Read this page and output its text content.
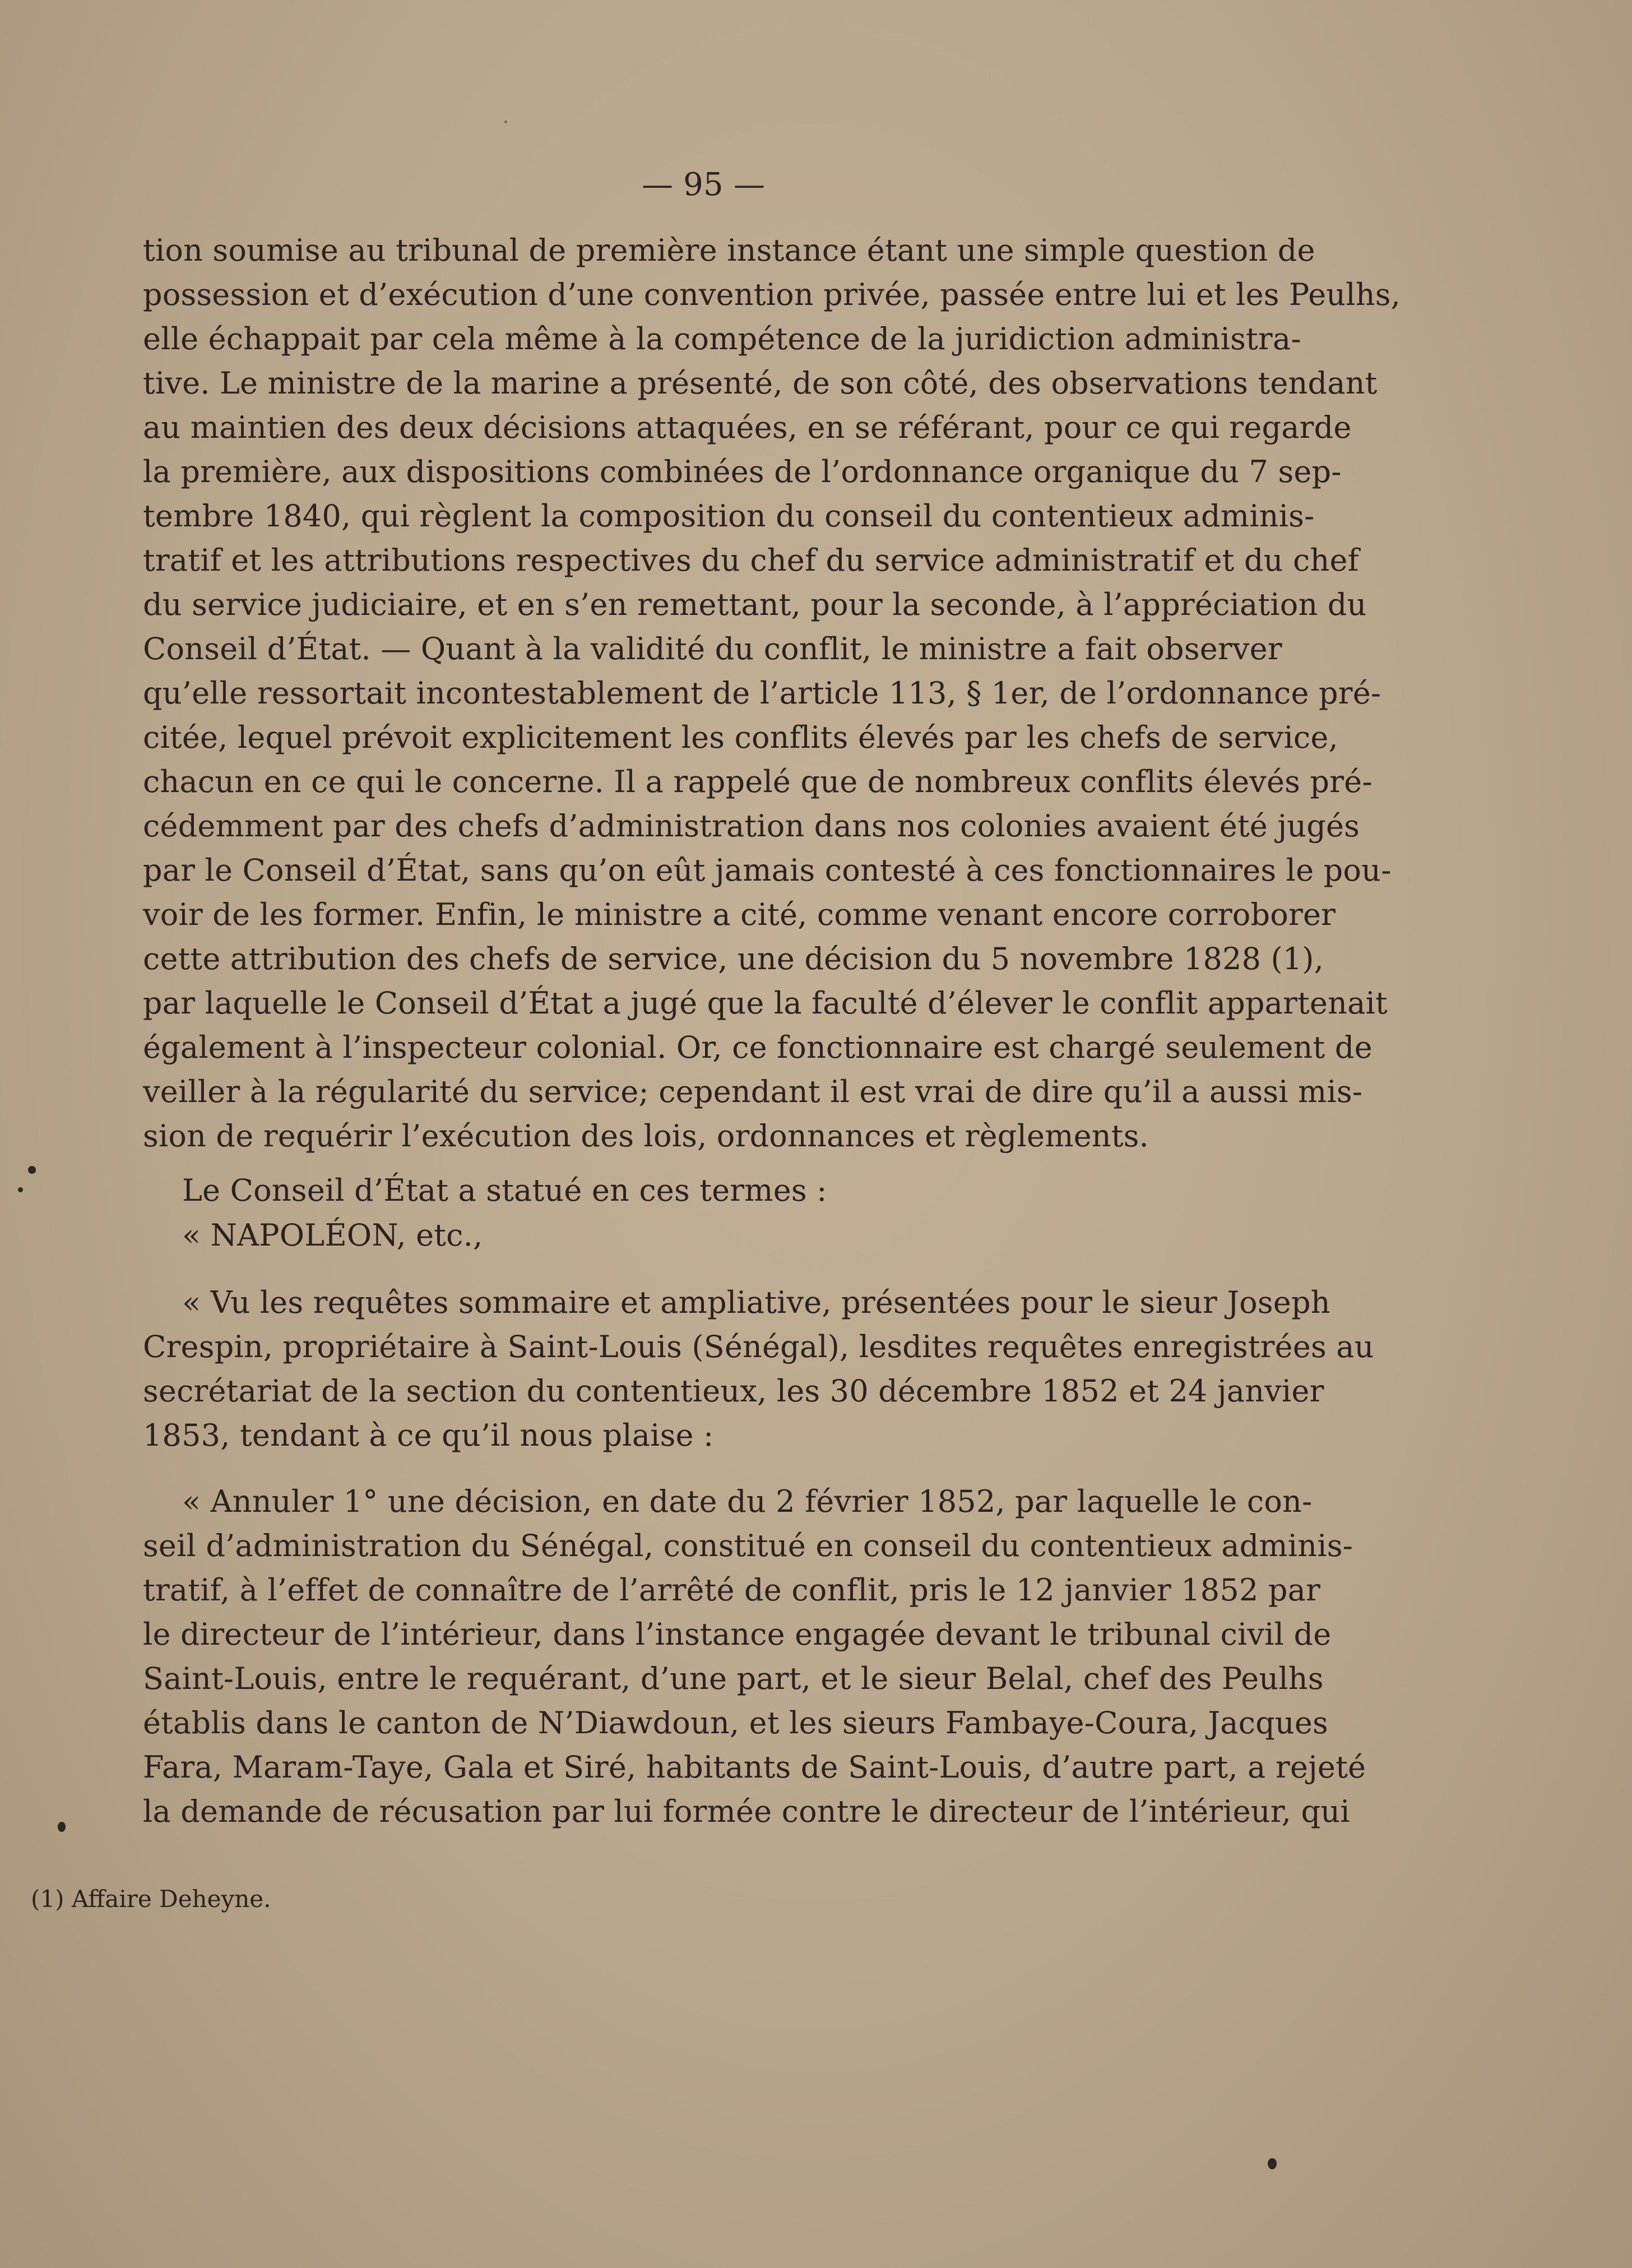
— 95 —
tion soumise au tribunal de première instance étant une simple question de
possession et d’exécution d’une convention privée, passée entre lui et les Peulhs,
elle échappait par cela même à la compétence de la juridiction administra-
tive. Le ministre de la marine a présenté, de son côté, des observations tendant
au maintien des deux décisions attaquées, en se référant, pour ce qui regarde
la première, aux dispositions combinées de l’ordonnance organique du 7 sep-
tembre 1840, qui règlent la composition du conseil du contentieux adminis-
tratif et les attributions respectives du chef du service administratif et du chef
du service judiciaire, et en s’en remettant, pour la seconde, à l’appréciation du
Conseil d’État. — Quant à la validité du conflit, le ministre a fait observer
qu’elle ressortait incontestablement de l’article 113, § 1er, de l’ordonnance pré-
citée, lequel prévoit explicitement les conflits élevés par les chefs de service,
chacun en ce qui le concerne. Il a rappelé que de nombreux conflits élevés pré-
cédemment par des chefs d’administration dans nos colonies avaient été jugés
par le Conseil d’État, sans qu’on eût jamais contesté à ces fonctionnaires le pou-
voir de les former. Enfin, le ministre a cité, comme venant encore corroborer
cette attribution des chefs de service, une décision du 5 novembre 1828 (1),
par laquelle le Conseil d’État a jugé que la faculté d’élever le conflit appartenait
également à l’inspecteur colonial. Or, ce fonctionnaire est chargé seulement de
veiller à la régularité du service; cependant il est vrai de dire qu’il a aussi mis-
sion de requérir l’exécution des lois, ordonnances et règlements.
Le Conseil d’État a statué en ces termes :
« NAPOLÉON, etc.,
« Vu les requêtes sommaire et ampliative, présentées pour le sieur Joseph
Crespin, propriétaire à Saint-Louis (Sénégal), lesdites requêtes enregistrées au
secrétariat de la section du contentieux, les 30 décembre 1852 et 24 janvier
1853, tendant à ce qu’il nous plaise :
« Annuler 1° une décision, en date du 2 février 1852, par laquelle le con-
seil d’administration du Sénégal, constitué en conseil du contentieux adminis-
tratif, à l’effet de connaître de l’arrêté de conflit, pris le 12 janvier 1852 par
le directeur de l’intérieur, dans l’instance engagée devant le tribunal civil de
Saint-Louis, entre le requérant, d’une part, et le sieur Belal, chef des Peulhs
établis dans le canton de N’Diawdoun, et les sieurs Fambaye-Coura, Jacques
Fara, Maram-Taye, Gala et Siré, habitants de Saint-Louis, d’autre part, a rejeté
la demande de récusation par lui formée contre le directeur de l’intérieur, qui
(1) Affaire Deheyne.
